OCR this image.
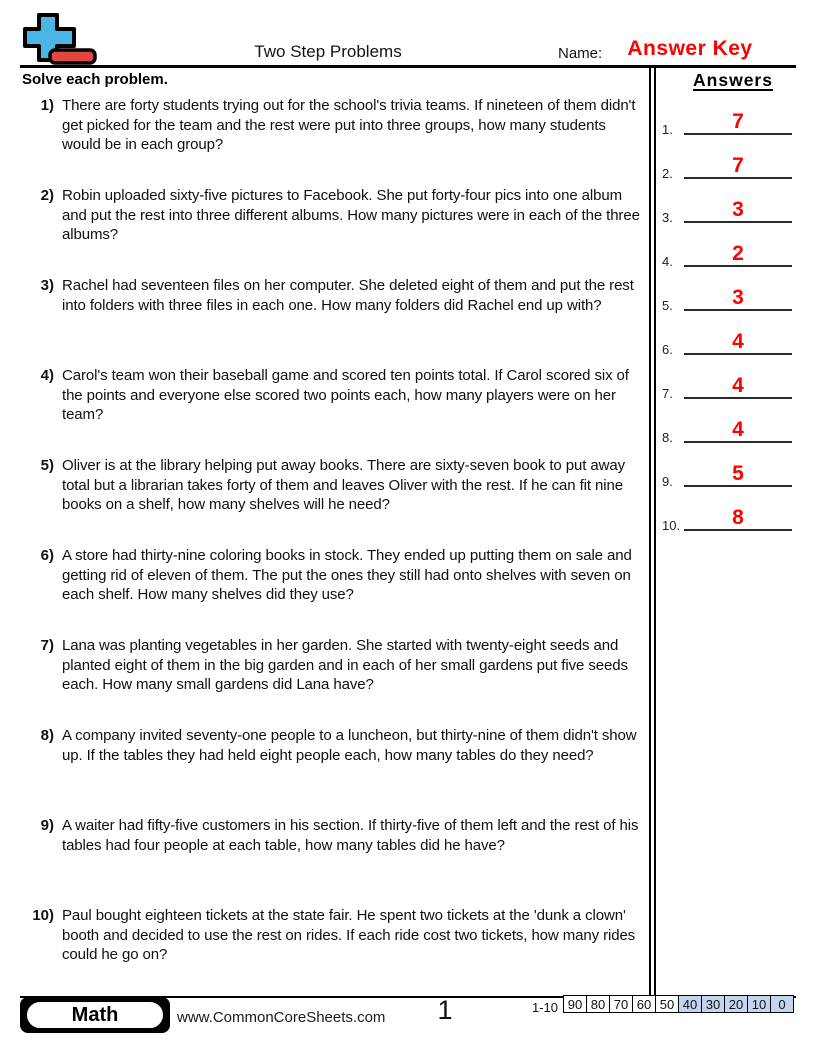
Two Step Problems	Name: Answer Key
Solve each problem.
1) There are forty students trying out for the school's trivia teams. If nineteen of them didn't get picked for the team and the rest were put into three groups, how many students would be in each group?
2) Robin uploaded sixty-five pictures to Facebook. She put forty-four pics into one album and put the rest into three different albums. How many pictures were in each of the three albums?
3) Rachel had seventeen files on her computer. She deleted eight of them and put the rest into folders with three files in each one. How many folders did Rachel end up with?
4) Carol's team won their baseball game and scored ten points total. If Carol scored six of the points and everyone else scored two points each, how many players were on her team?
5) Oliver is at the library helping put away books. There are sixty-seven book to put away total but a librarian takes forty of them and leaves Oliver with the rest. If he can fit nine books on a shelf, how many shelves will he need?
6) A store had thirty-nine coloring books in stock. They ended up putting them on sale and getting rid of eleven of them. The put the ones they still had onto shelves with seven on each shelf. How many shelves did they use?
7) Lana was planting vegetables in her garden. She started with twenty-eight seeds and planted eight of them in the big garden and in each of her small gardens put five seeds each. How many small gardens did Lana have?
8) A company invited seventy-one people to a luncheon, but thirty-nine of them didn't show up. If the tables they had held eight people each, how many tables do they need?
9) A waiter had fifty-five customers in his section. If thirty-five of them left and the rest of his tables had four people at each table, how many tables did he have?
10) Paul bought eighteen tickets at the state fair. He spent two tickets at the 'dunk a clown' booth and decided to use the rest on rides. If each ride cost two tickets, how many rides could he go on?
Answers
1.	7
2.	7
3.	3
4.	2
5.	3
6.	4
7.	4
8.	4
9.	5
10.	8
Math	www.CommonCoreSheets.com 1	1-10 90	80	70	60	50	40	30	20	10	0
